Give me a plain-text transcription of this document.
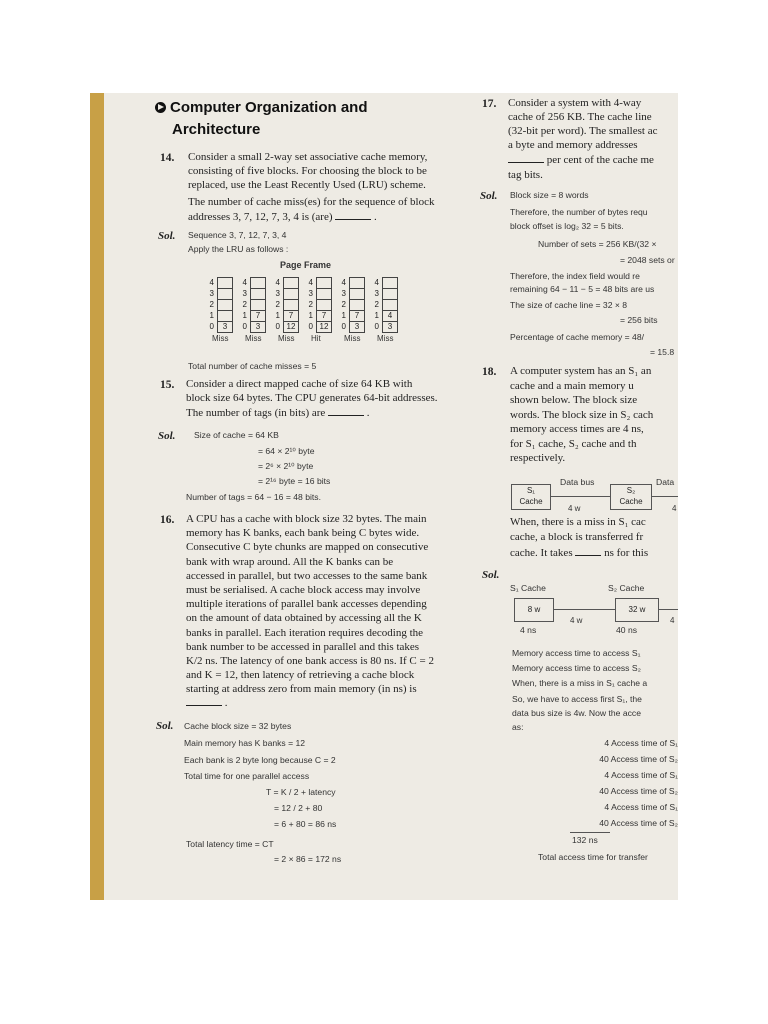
Computer Organization and
Architecture
14. Consider a small 2-way set associative cache memory,
consisting of five blocks. For choosing the block to be
replaced, use the Least Recently Used (LRU) scheme.
The number of cache miss(es) for the sequence of block
addresses 3, 7, 12, 7, 3, 4 is (are)	.
Sol. Sequence 3, 7, 12, 7, 3, 4
Apply the LRU as follows :
Page Frame
4
3
2
1
0	3
Miss
4
3
2
1	7
0	3
Miss
4
3
2
1	7
0 12
Miss
4
3
2
1	7
0 12
Hit
4
3
2
1	7
0	3
Miss
4
3
2
1	4
0	3
Miss
Total number of cache misses = 5
15. Consider a direct mapped cache of size 64 KB with
block size 64 bytes. The CPU generates 64-bit addresses.
The number of tags (in bits) are	.
Sol. Size of cache = 64 KB
= 64 × 2¹⁰ byte
= 2⁶ × 2¹⁰ byte
= 2¹⁶ byte = 16 bits
Number of tags = 64 − 16 = 48 bits.
16. A CPU has a cache with block size 32 bytes. The main
memory has K banks, each bank being C bytes wide.
Consecutive C byte chunks are mapped on consecutive
bank with wrap around. All the K banks can be
accessed in parallel, but two accesses to the same bank
must be serialised. A cache block access may involve
multiple iterations of parallel bank accesses depending
on the amount of data obtained by accessing all the K
banks in parallel. Each iteration requires decoding the
bank number to be accessed in parallel and this takes
K/2 ns. The latency of one bank access is 80 ns. If C = 2
and K = 12, then latency of retrieving a cache block
starting at address zero from main memory (in ns) is
.
Sol. Cache block size = 32 bytes
Main memory has K banks = 12
Each bank is 2 byte long because C = 2
Total time for one parallel access
T = K / 2 + latency
= 12 / 2 + 80
= 6 + 80 = 86 ns
Total latency time = CT
= 2 × 86 = 172 ns
17. Consider a system with 4-way
cache of 256 KB. The cache line
(32-bit per word). The smallest ac
a byte and memory addresses
per cent of the cache me
tag bits.
Sol. Block size = 8 words
Therefore, the number of bytes requ
block offset is log₂ 32 = 5 bits.
Number of sets = 256 KB/(32 ×
= 2048 sets or
Therefore, the index field would re
remaining 64 − 11 − 5 = 48 bits are us
The size of cache line = 32 × 8
= 256 bits
Percentage of cache memory = 48/
= 15.8
18. A computer system has an S₁ an
cache and a main memory u
shown below. The block size
words. The block size in S₂ cach
memory access times are 4 ns,
for S₁ cache, S₂ cache and th
respectively.
S₁
Cache
Data bus
4 w
S₂
Cache
Data
4
When, there is a miss in S₁ cac
cache, a block is transferred fr
cache. It takes	ns for this
Sol.
S₁ Cache	S₂ Cache
8 w
4 w
32 w
4
4 ns	40 ns
Memory access time to access S₁
Memory access time to access S₂
When, there is a miss in S₁ cache a
So, we have to access first S₁, the
data bus size is 4w. Now the acce
as:
4 Access time of S₁
40 Access time of S₂
4 Access time of S₁
40 Access time of S₂
4 Access time of S₁
40 Access time of S₂
132 ns
Total access time for transfer
